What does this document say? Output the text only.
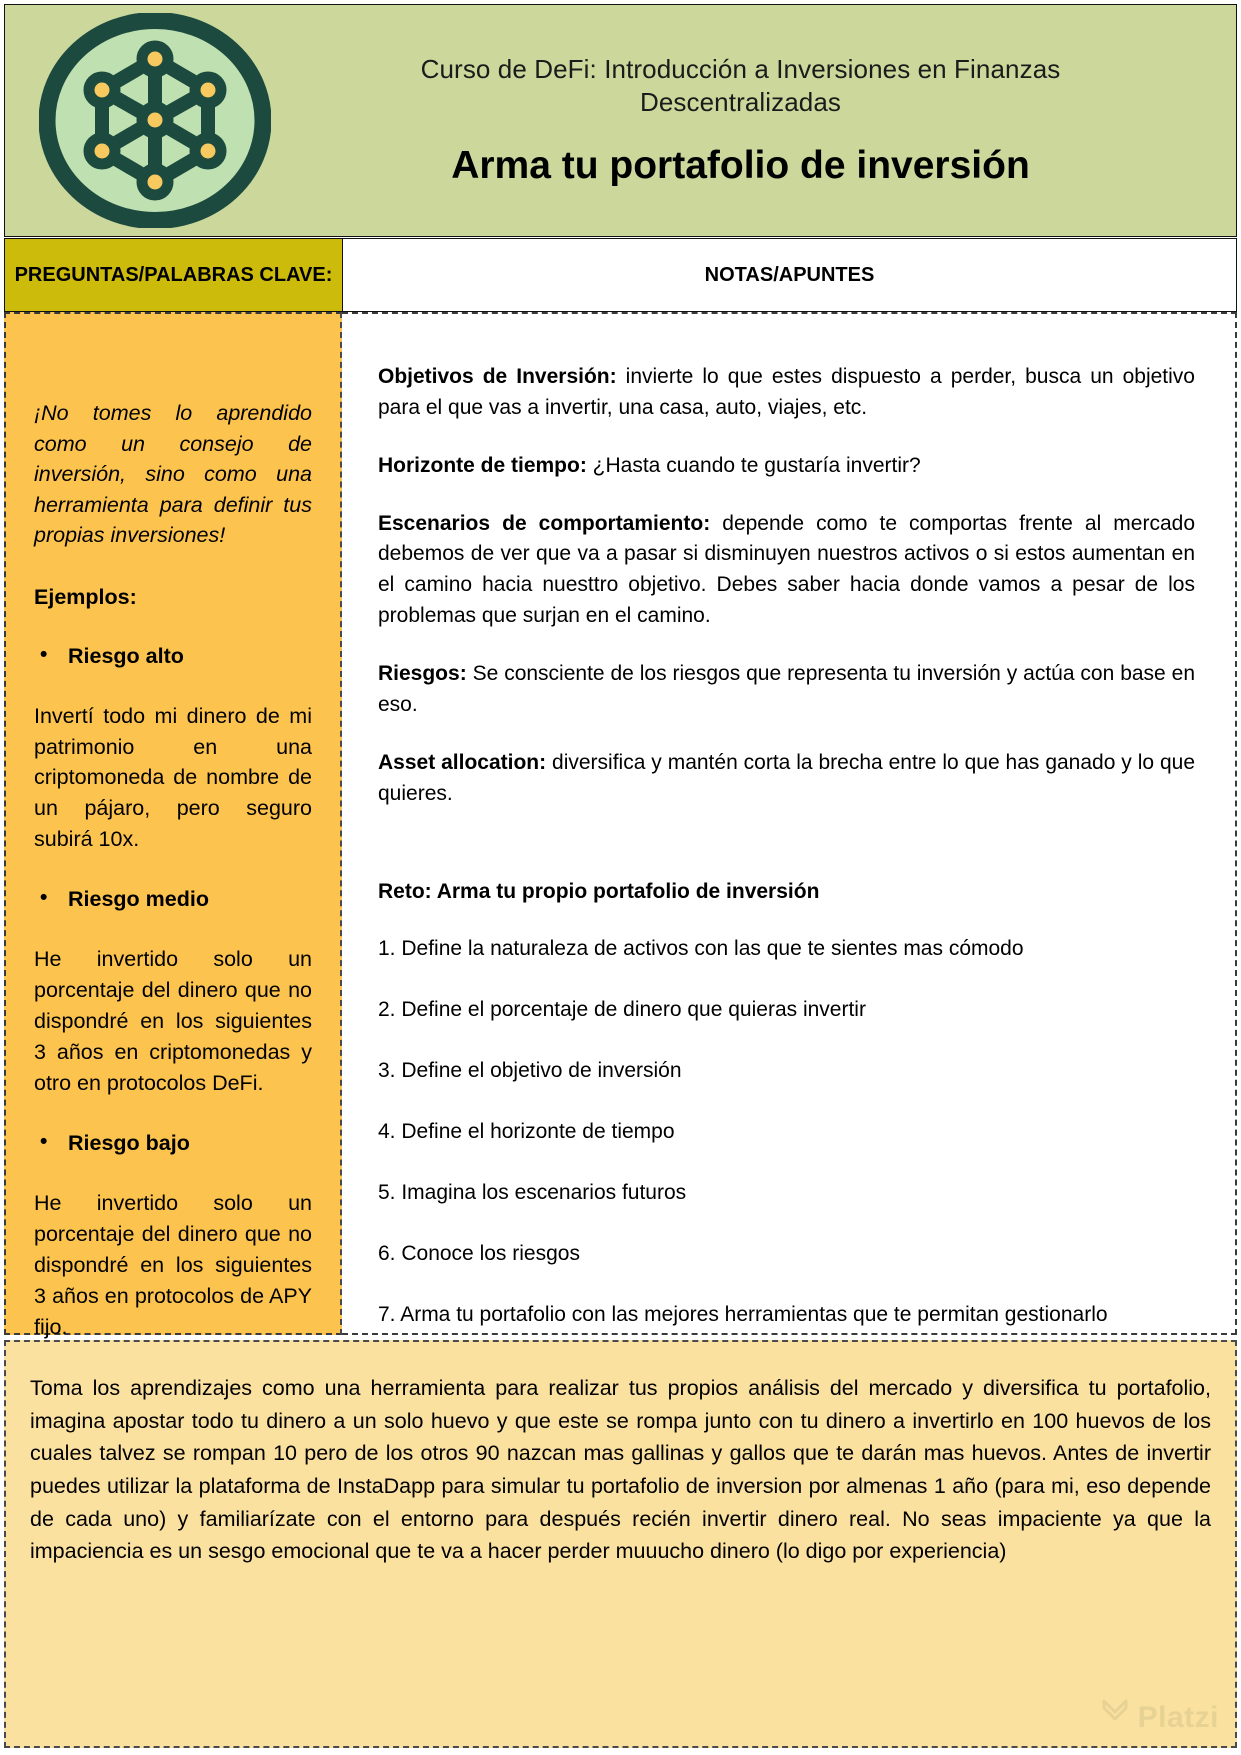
Curso de DeFi: Introducción a Inversiones en Finanzas Descentralizadas
Arma tu portafolio de inversión
PREGUNTAS/PALABRAS CLAVE:	NOTAS/APUNTES

¡No tomes lo aprendido como un consejo de inversión, sino como una herramienta para definir tus propias inversiones!

Ejemplos:

• Riesgo alto

Invertí todo mi dinero de mi patrimonio en una criptomoneda de nombre de un pájaro, pero seguro subirá 10x.

• Riesgo medio

He invertido solo un porcentaje del dinero que no dispondré en los siguientes 3 años en criptomonedas y otro en protocolos DeFi.

• Riesgo bajo

He invertido solo un porcentaje del dinero que no dispondré en los siguientes 3 años en protocolos de APY fijo.

Objetivos de Inversión: invierte lo que estes dispuesto a perder, busca un objetivo para el que vas a invertir, una casa, auto, viajes, etc.

Horizonte de tiempo: ¿Hasta cuando te gustaría invertir?

Escenarios de comportamiento: depende como te comportas frente al mercado debemos de ver que va a pasar si disminuyen nuestros activos o si estos aumentan en el camino hacia nuesttro objetivo. Debes saber hacia donde vamos a pesar de los problemas que surjan en el camino.

Riesgos: Se consciente de los riesgos que representa tu inversión y actúa con base en eso.

Asset allocation: diversifica y mantén corta la brecha entre lo que has ganado y lo que quieres.

Reto: Arma tu propio portafolio de inversión

1. Define la naturaleza de activos con las que te sientes mas cómodo

2. Define el porcentaje de dinero que quieras invertir

3. Define el objetivo de inversión

4. Define el horizonte de tiempo

5. Imagina los escenarios futuros

6. Conoce los riesgos

7. Arma tu portafolio con las mejores herramientas que te permitan gestionarlo

Toma los aprendizajes como una herramienta para realizar tus propios análisis del mercado y diversifica tu portafolio, imagina apostar todo tu dinero a un solo huevo y que este se rompa junto con tu dinero a invertirlo en 100 huevos de los cuales talvez se rompan 10 pero de los otros 90 nazcan mas gallinas y gallos que te darán mas huevos. Antes de invertir puedes utilizar la plataforma de InstaDapp para simular tu portafolio de inversion por almenas 1 año (para mi, eso depende de cada uno) y familiarízate con el entorno para después recién invertir dinero real. No seas impaciente ya que la impaciencia es un sesgo emocional que te va a hacer perder muuucho dinero (lo digo por experiencia)

Platzi
